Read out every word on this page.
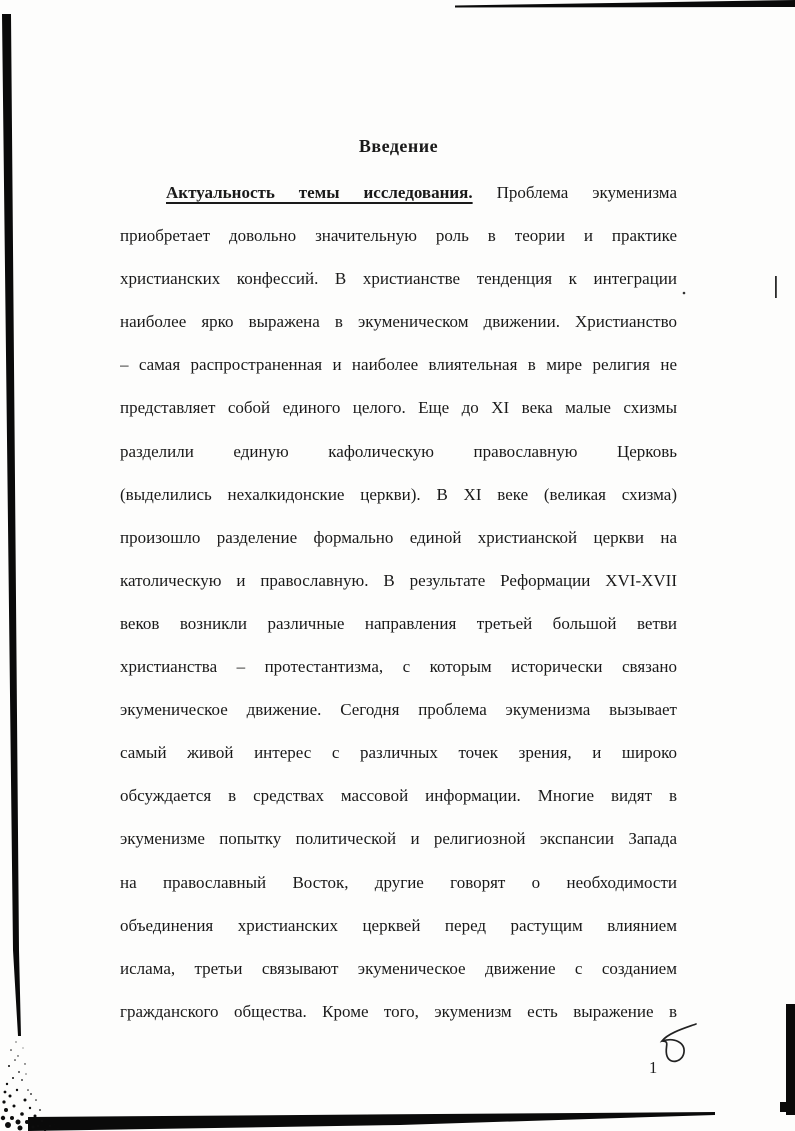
Введение
Актуальность темы исследования. Проблема экуменизма
приобретает довольно значительную роль в теории и практике
христианских конфессий. В христианстве тенденция к интеграции
наиболее ярко выражена в экуменическом движении. Христианство
– самая распространенная и наиболее влиятельная в мире религия не
представляет собой единого целого. Еще до XI века малые схизмы
разделили единую кафолическую православную Церковь
(выделились нехалкидонские церкви). В XI веке (великая схизма)
произошло разделение формально единой христианской церкви на
католическую и православную. В результате Реформации XVI-XVII
веков возникли различные направления третьей большой ветви
христианства – протестантизма, с которым исторически связано
экуменическое движение. Сегодня проблема экуменизма вызывает
самый живой интерес с различных точек зрения, и широко
обсуждается в средствах массовой информации. Многие видят в
экуменизме попытку политической и религиозной экспансии Запада
на православный Восток, другие говорят о необходимости
объединения христианских церквей перед растущим влиянием
ислама, третьи связывают экуменическое движение с созданием
гражданского общества. Кроме того, экуменизм есть выражение в
1
